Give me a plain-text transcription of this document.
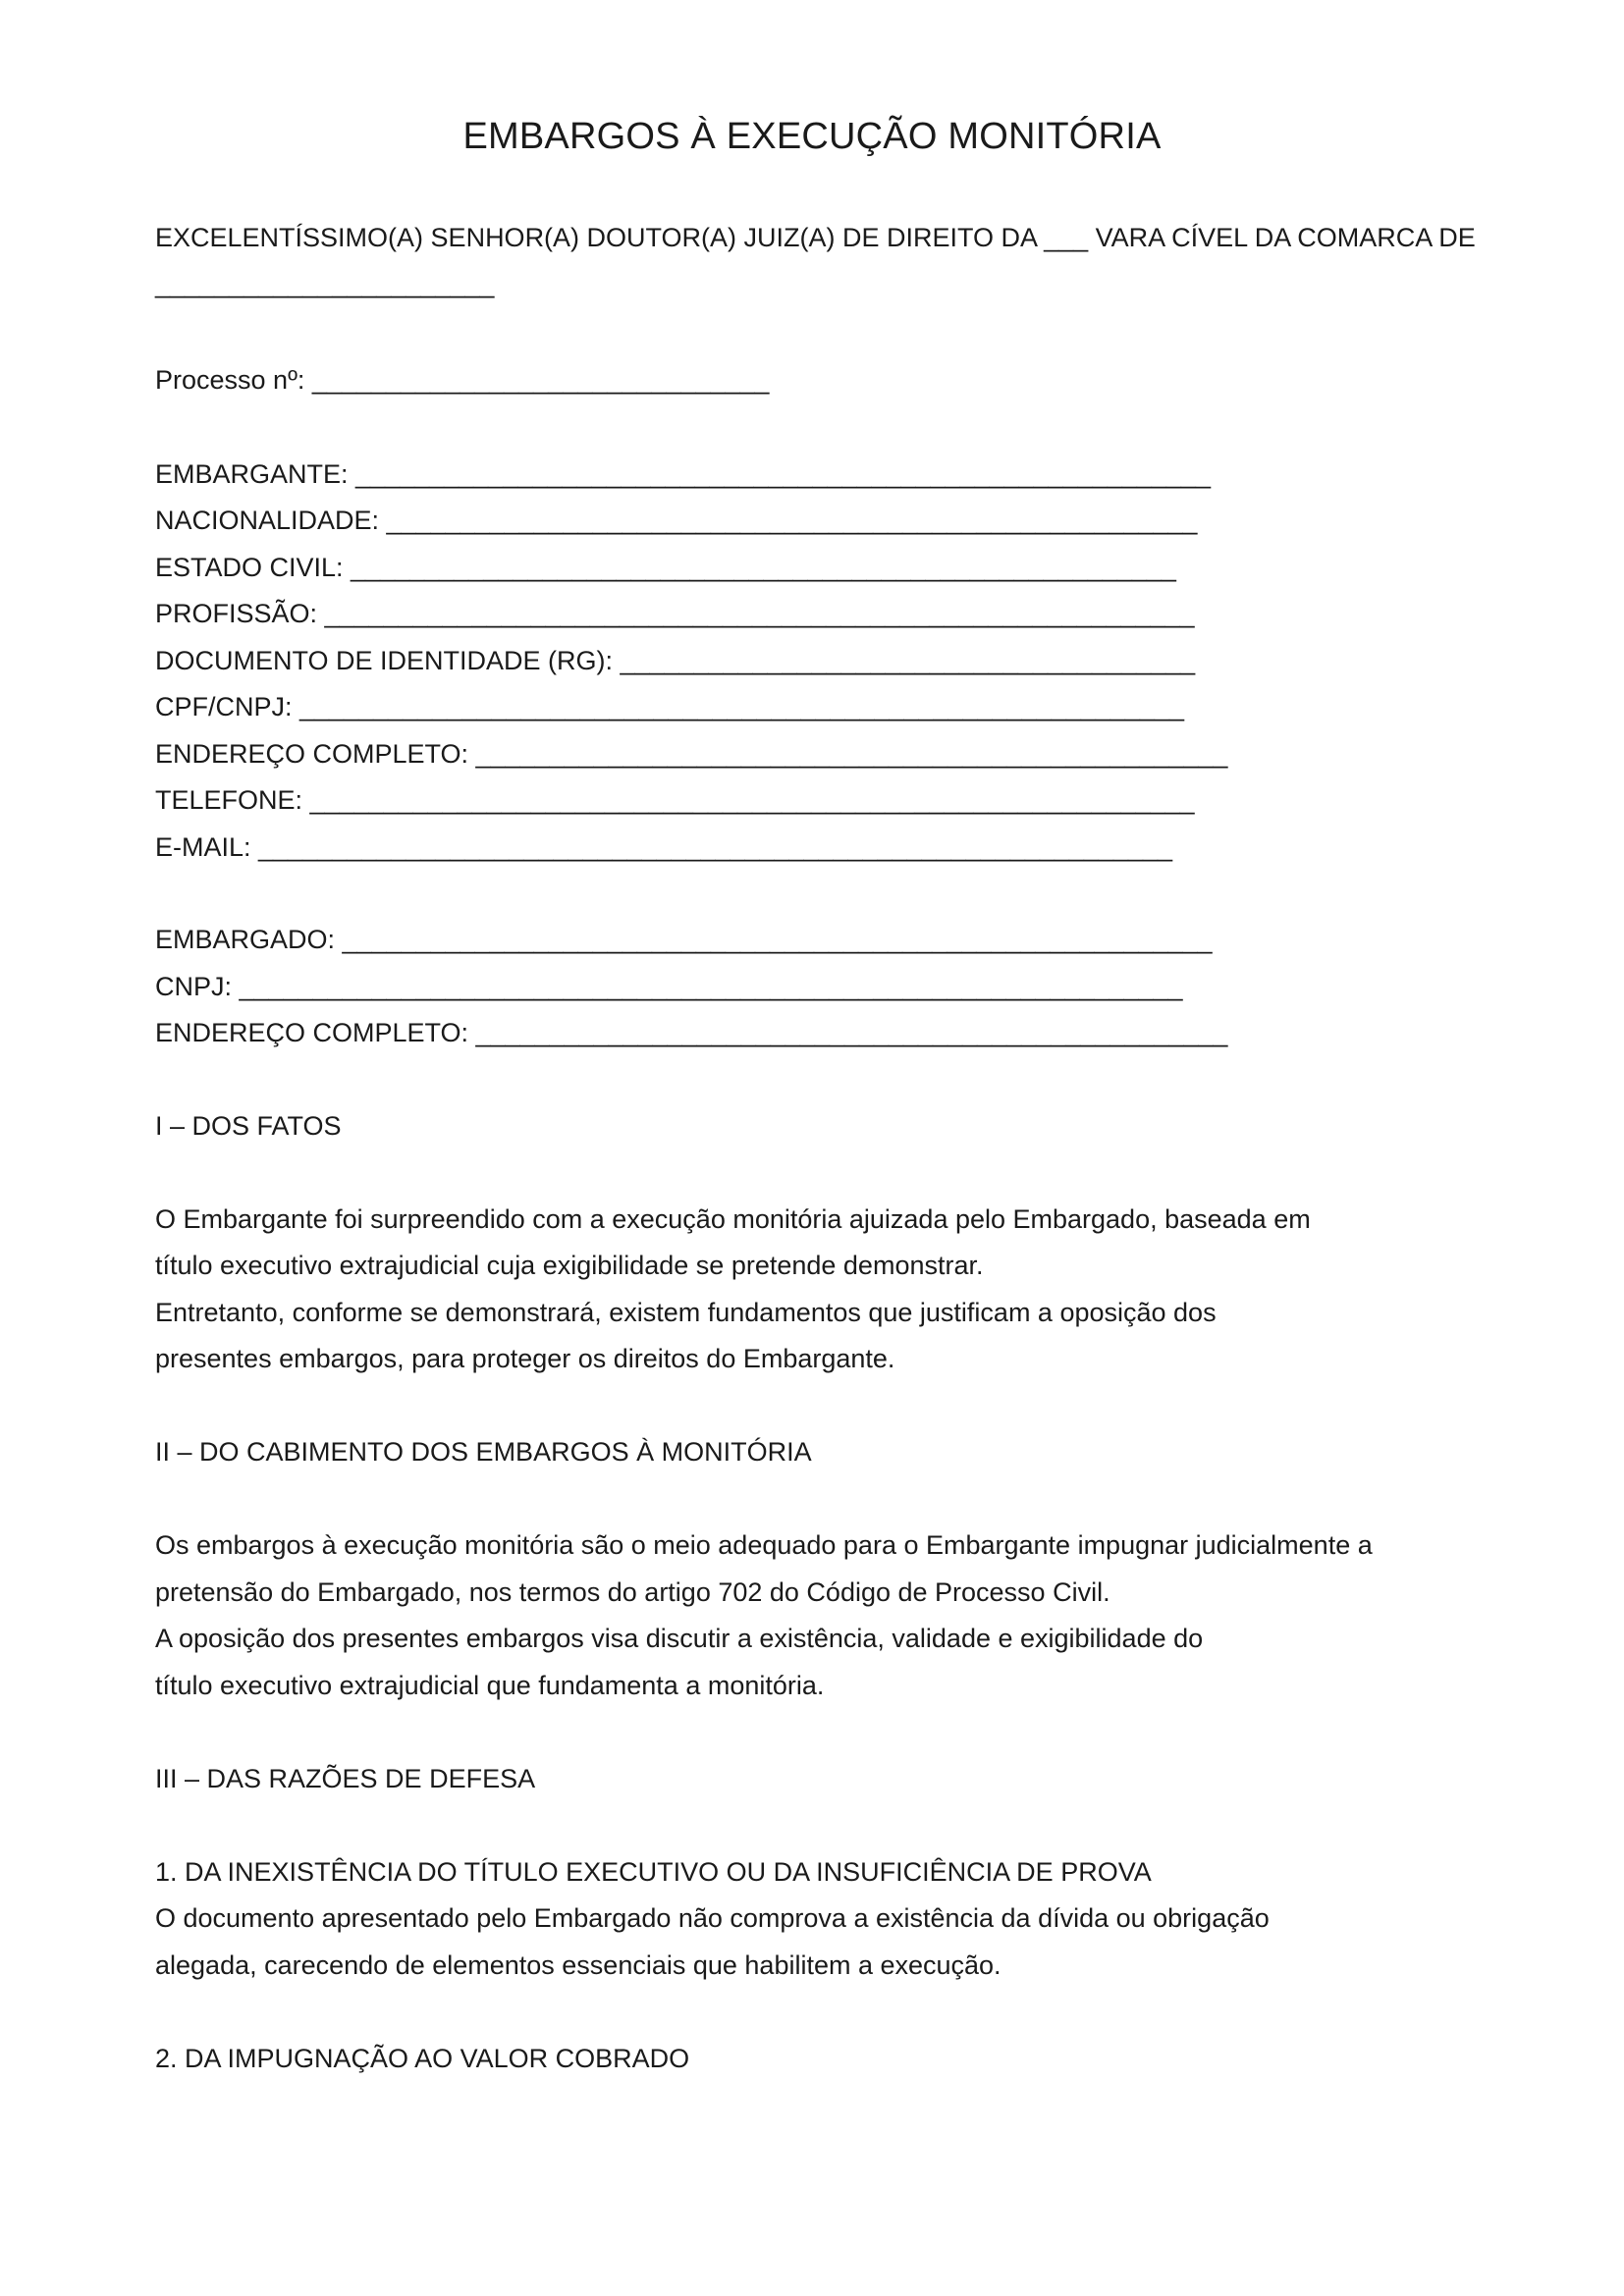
EMBARGOS À EXECUÇÃO MONITÓRIA
EXCELENTÍSSIMO(A) SENHOR(A) DOUTOR(A) JUIZ(A) DE DIREITO DA ___ VARA CÍVEL DA COMARCA DE
_______________________
Processo nº: _______________________________
EMBARGANTE: __________________________________________________________
NACIONALIDADE: _______________________________________________________
ESTADO CIVIL: ________________________________________________________
PROFISSÃO: ___________________________________________________________
DOCUMENTO DE IDENTIDADE (RG): _______________________________________
CPF/CNPJ: ____________________________________________________________
ENDEREÇO COMPLETO: ___________________________________________________
TELEFONE: ____________________________________________________________
E-MAIL: ______________________________________________________________
EMBARGADO: ___________________________________________________________
CNPJ: ________________________________________________________________
ENDEREÇO COMPLETO: ___________________________________________________
I – DOS FATOS
O Embargante foi surpreendido com a execução monitória ajuizada pelo Embargado, baseada em
título executivo extrajudicial cuja exigibilidade se pretende demonstrar.
Entretanto, conforme se demonstrará, existem fundamentos que justificam a oposição dos
presentes embargos, para proteger os direitos do Embargante.
II – DO CABIMENTO DOS EMBARGOS À MONITÓRIA
Os embargos à execução monitória são o meio adequado para o Embargante impugnar judicialmente a
pretensão do Embargado, nos termos do artigo 702 do Código de Processo Civil.
A oposição dos presentes embargos visa discutir a existência, validade e exigibilidade do
título executivo extrajudicial que fundamenta a monitória.
III – DAS RAZÕES DE DEFESA
1. DA INEXISTÊNCIA DO TÍTULO EXECUTIVO OU DA INSUFICIÊNCIA DE PROVA
O documento apresentado pelo Embargado não comprova a existência da dívida ou obrigação
alegada, carecendo de elementos essenciais que habilitem a execução.
2. DA IMPUGNAÇÃO AO VALOR COBRADO
